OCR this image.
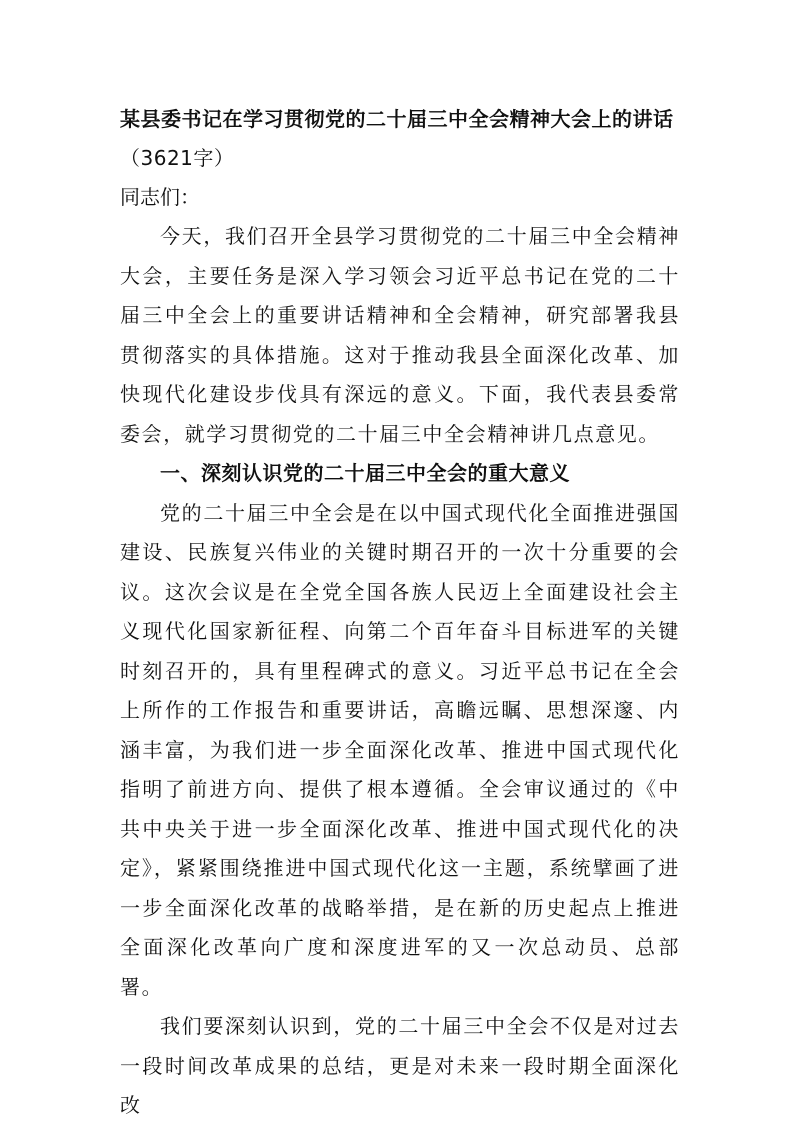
某县委书记在学习贯彻党的二十届三中全会精神大会上的讲话（3621字）

同志们：

今天，我们召开全县学习贯彻党的二十届三中全会精神大会，主要任务是深入学习领会习近平总书记在党的二十届三中全会上的重要讲话精神和全会精神，研究部署我县贯彻落实的具体措施。这对于推动我县全面深化改革、加快现代化建设步伐具有深远的意义。下面，我代表县委常委会，就学习贯彻党的二十届三中全会精神讲几点意见。

一、深刻认识党的二十届三中全会的重大意义

党的二十届三中全会是在以中国式现代化全面推进强国建设、民族复兴伟业的关键时期召开的一次十分重要的会议。这次会议是在全党全国各族人民迈上全面建设社会主义现代化国家新征程、向第二个百年奋斗目标进军的关键时刻召开的，具有里程碑式的意义。习近平总书记在全会上所作的工作报告和重要讲话，高瞻远瞩、思想深邃、内涵丰富，为我们进一步全面深化改革、推进中国式现代化指明了前进方向、提供了根本遵循。全会审议通过的《中共中央关于进一步全面深化改革、推进中国式现代化的决定》，紧紧围绕推进中国式现代化这一主题，系统擘画了进一步全面深化改革的战略举措，是在新的历史起点上推进全面深化改革向广度和深度进军的又一次总动员、总部署。

我们要深刻认识到，党的二十届三中全会不仅是对过去一段时间改革成果的总结，更是对未来一段时期全面深化改
